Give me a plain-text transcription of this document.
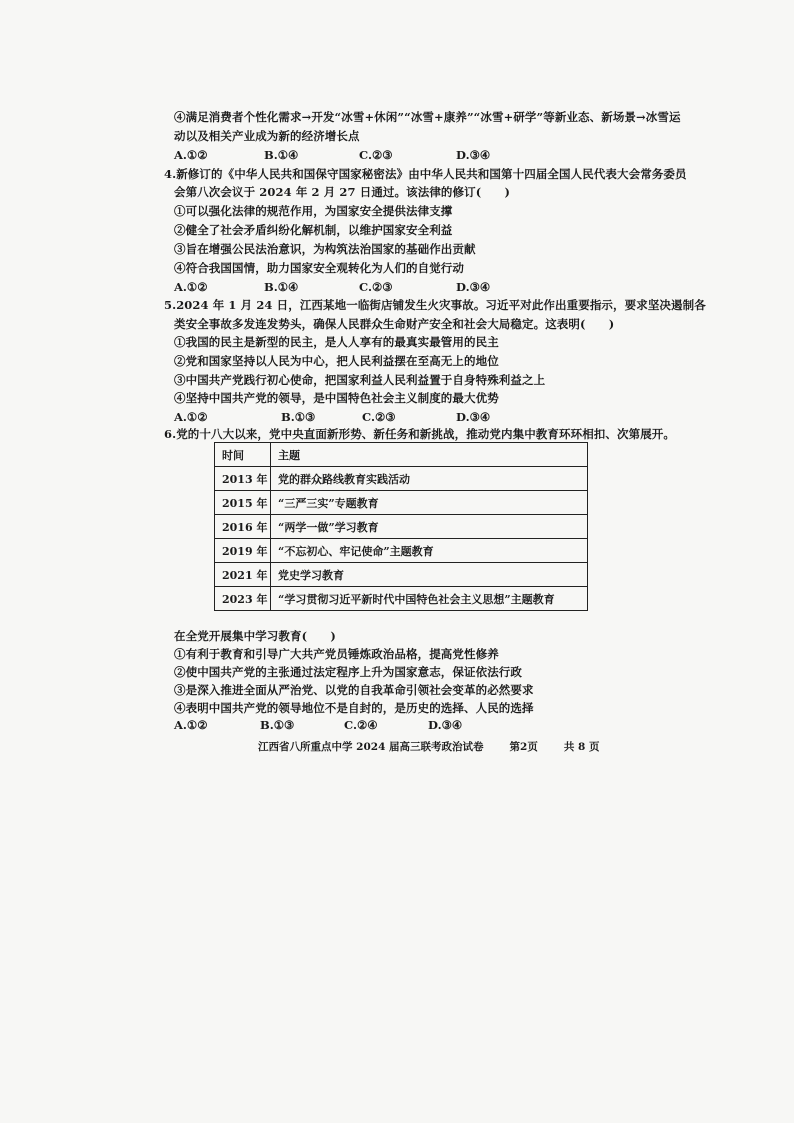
④满足消费者个性化需求→开发“冰雪+休闲”“冰雪+康养”“冰雪+研学”等新业态、新场景→冰雪运
动以及相关产业成为新的经济增长点
A.①②	B.①④	C.②③	D.③④
4.新修订的《中华人民共和国保守国家秘密法》由中华人民共和国第十四届全国人民代表大会常务委员
会第八次会议于 2024 年 2 月 27 日通过。该法律的修订(　　)
①可以强化法律的规范作用，为国家安全提供法律支撑
②健全了社会矛盾纠纷化解机制，以维护国家安全利益
③旨在增强公民法治意识，为构筑法治国家的基础作出贡献
④符合我国国情，助力国家安全观转化为人们的自觉行动
A.①②	B.①④	C.②③	D.③④
5.2024 年 1 月 24 日，江西某地一临街店铺发生火灾事故。习近平对此作出重要指示，要求坚决遏制各
类安全事故多发连发势头，确保人民群众生命财产安全和社会大局稳定。这表明(　　)
①我国的民主是新型的民主，是人人享有的最真实最管用的民主
②党和国家坚持以人民为中心，把人民利益摆在至高无上的地位
③中国共产党践行初心使命，把国家利益人民利益置于自身特殊利益之上
④坚持中国共产党的领导，是中国特色社会主义制度的最大优势
A.①②	B.①③	C.②③	D.③④
6.党的十八大以来，党中央直面新形势、新任务和新挑战，推动党内集中教育环环相扣、次第展开。
时间	主题
2013 年	党的群众路线教育实践活动
2015 年	“三严三实”专题教育
2016 年	“两学一做”学习教育
2019 年	“不忘初心、牢记使命”主题教育
2021 年	党史学习教育
2023 年	“学习贯彻习近平新时代中国特色社会主义思想”主题教育
在全党开展集中学习教育(　　)
①有利于教育和引导广大共产党员锤炼政治品格，提高党性修养
②使中国共产党的主张通过法定程序上升为国家意志，保证依法行政
③是深入推进全面从严治党、以党的自我革命引领社会变革的必然要求
④表明中国共产党的领导地位不是自封的，是历史的选择、人民的选择
A.①②	B.①③	C.②④	D.③④
江西省八所重点中学 2024 届高三联考政治试卷 第2页 共 8 页
